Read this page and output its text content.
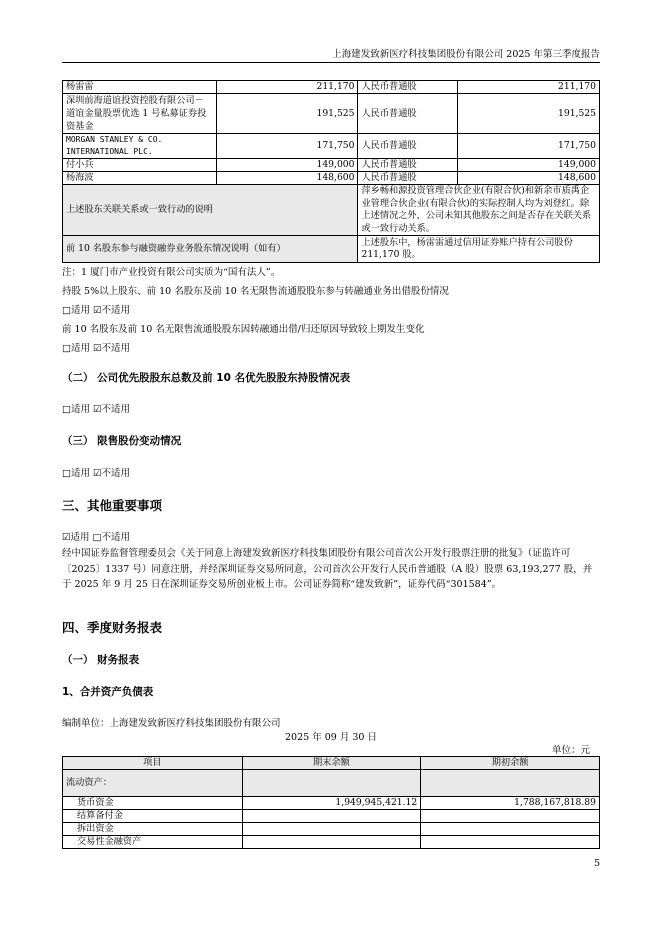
上海建发致新医疗科技集团股份有限公司 2025 年第三季度报告
杨雷雷	211,170	人民币普通股	211,170
深圳前海道谊投资控股有限公司－道谊金量股票优选 1 号私募证券投资基金	191,525	人民币普通股	191,525
MORGAN STANLEY & CO. INTERNATIONAL PLC.	171,750	人民币普通股	171,750
付小兵	149,000	人民币普通股	149,000
杨海波	148,600	人民币普通股	148,600
上述股东关联关系或一致行动的说明		萍乡畅和源投资管理合伙企业(有限合伙)和新余市质禹企业管理合伙企业(有限合伙)的实际控制人均为刘登红。除上述情况之外，公司未知其他股东之间是否存在关联关系或一致行动关系。	
前 10 名股东参与融资融券业务股东情况说明（如有）		上述股东中，杨雷雷通过信用证券账户持有公司股份 211,170 股。	
注：1 厦门市产业投资有限公司实质为“国有法人”。
持股 5%以上股东、前 10 名股东及前 10 名无限售流通股股东参与转融通业务出借股份情况
□适用 ☑不适用
前 10 名股东及前 10 名无限售流通股股东因转融通出借/归还原因导致较上期发生变化
□适用 ☑不适用
（二） 公司优先股股东总数及前 10 名优先股股东持股情况表
□适用 ☑不适用
（三） 限售股份变动情况
□适用 ☑不适用
三、其他重要事项
☑适用 □不适用
经中国证券监督管理委员会《关于同意上海建发致新医疗科技集团股份有限公司首次公开发行股票注册的批复》（证监许可〔2025〕1337 号）同意注册，并经深圳证券交易所同意，公司首次公开发行人民币普通股（A 股）股票 63,193,277 股，并于 2025 年 9 月 25 日在深圳证券交易所创业板上市。公司证券简称“建发致新”，证券代码“301584”。
四、季度财务报表
（一） 财务报表
1、合并资产负债表
编制单位：上海建发致新医疗科技集团股份有限公司
2025 年 09 月 30 日
单位：元
项目	期末余额	期初余额
流动资产：		
货币资金	1,949,945,421.12	1,788,167,818.89
结算备付金		
拆出资金		
交易性金融资产		
5
